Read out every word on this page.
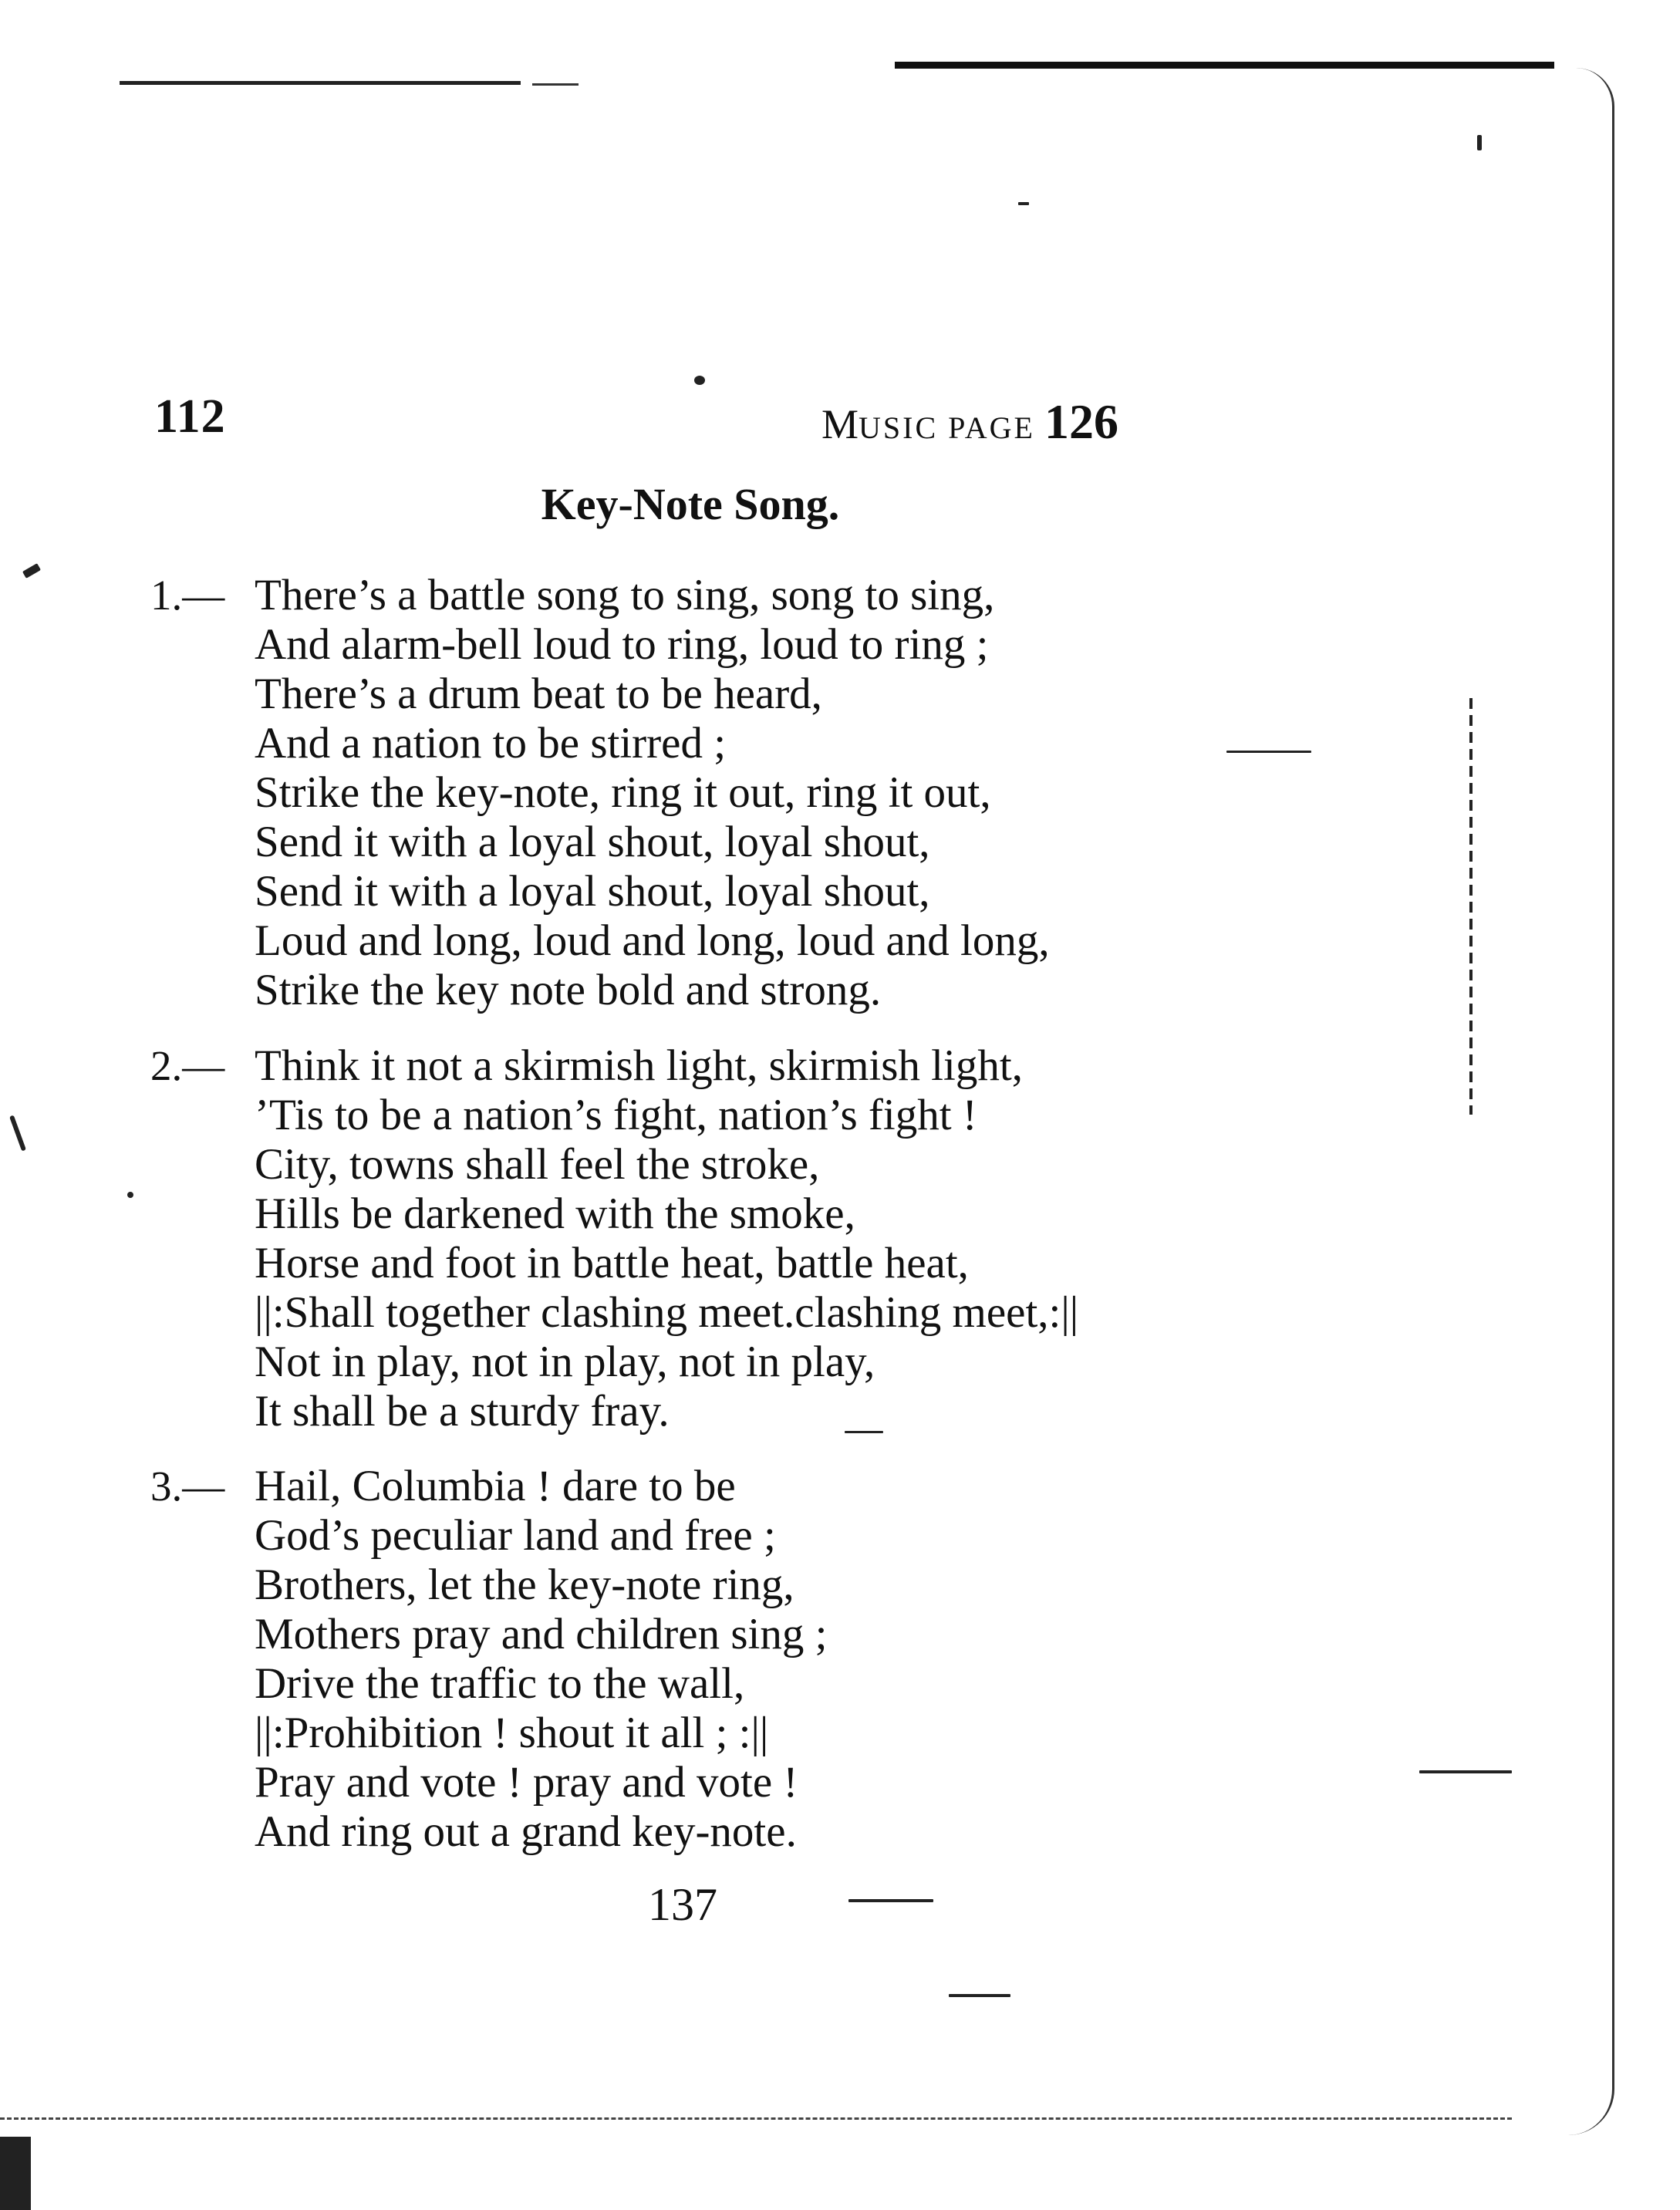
112	MUSIC PAGE 126
Key-Note Song.
1.— There’s a battle song to sing, song to sing,
And alarm-bell loud to ring, loud to ring ;
There’s a drum beat to be heard,
And a nation to be stirred ;
Strike the key-note, ring it out, ring it out,
Send it with a loyal shout, loyal shout,
Send it with a loyal shout, loyal shout,
Loud and long, loud and long, loud and long,
Strike the key note bold and strong.
2.— Think it not a skirmish light, skirmish light,
’Tis to be a nation’s fight, nation’s fight !
City, towns shall feel the stroke,
Hills be darkened with the smoke,
Horse and foot in battle heat, battle heat,
||:Shall together clashing meet.clashing meet,:||
Not in play, not in play, not in play,
It shall be a sturdy fray.
3.— Hail, Columbia ! dare to be
God’s peculiar land and free ;
Brothers, let the key-note ring,
Mothers pray and children sing ;
Drive the traffic to the wall,
||:Prohibition ! shout it all ; :||
Pray and vote ! pray and vote !
And ring out a grand key-note.
137
